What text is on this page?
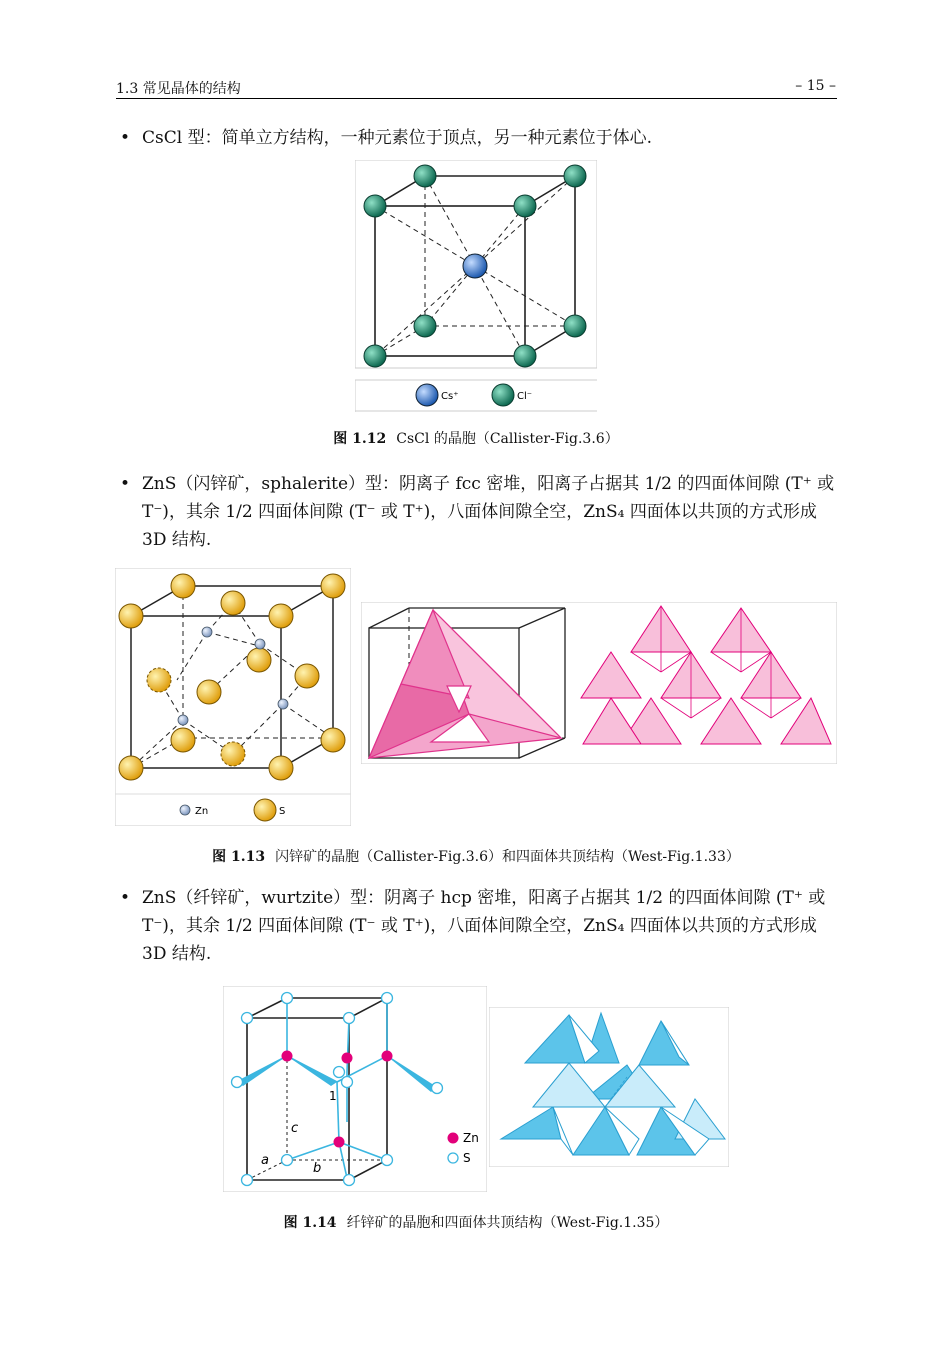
1.3 常见晶体的结构	– 15 –
• CsCl 型：简单立方结构，一种元素位于顶点，另一种元素位于体心.
Cs⁺	Cl⁻
图 1.12 CsCl 的晶胞（Callister-Fig.3.6）
• ZnS（闪锌矿，sphalerite）型：阴离子 fcc 密堆，阳离子占据其 1/2 的四面体间隙 (T⁺ 或 T⁻)，其余 1/2 四面体间隙 (T⁻ 或 T⁺)，八面体间隙全空，ZnS₄ 四面体以共顶的方式形成 3D 结构.
Zn	S
图 1.13 闪锌矿的晶胞（Callister-Fig.3.6）和四面体共顶结构（West-Fig.1.33）
• ZnS（纤锌矿，wurtzite）型：阴离子 hcp 密堆，阳离子占据其 1/2 的四面体间隙 (T⁺ 或 T⁻)，其余 1/2 四面体间隙 (T⁻ 或 T⁺)，八面体间隙全空，ZnS₄ 四面体以共顶的方式形成 3D 结构.
1
c
a
b
Zn
S
图 1.14 纤锌矿的晶胞和四面体共顶结构（West-Fig.1.35）
